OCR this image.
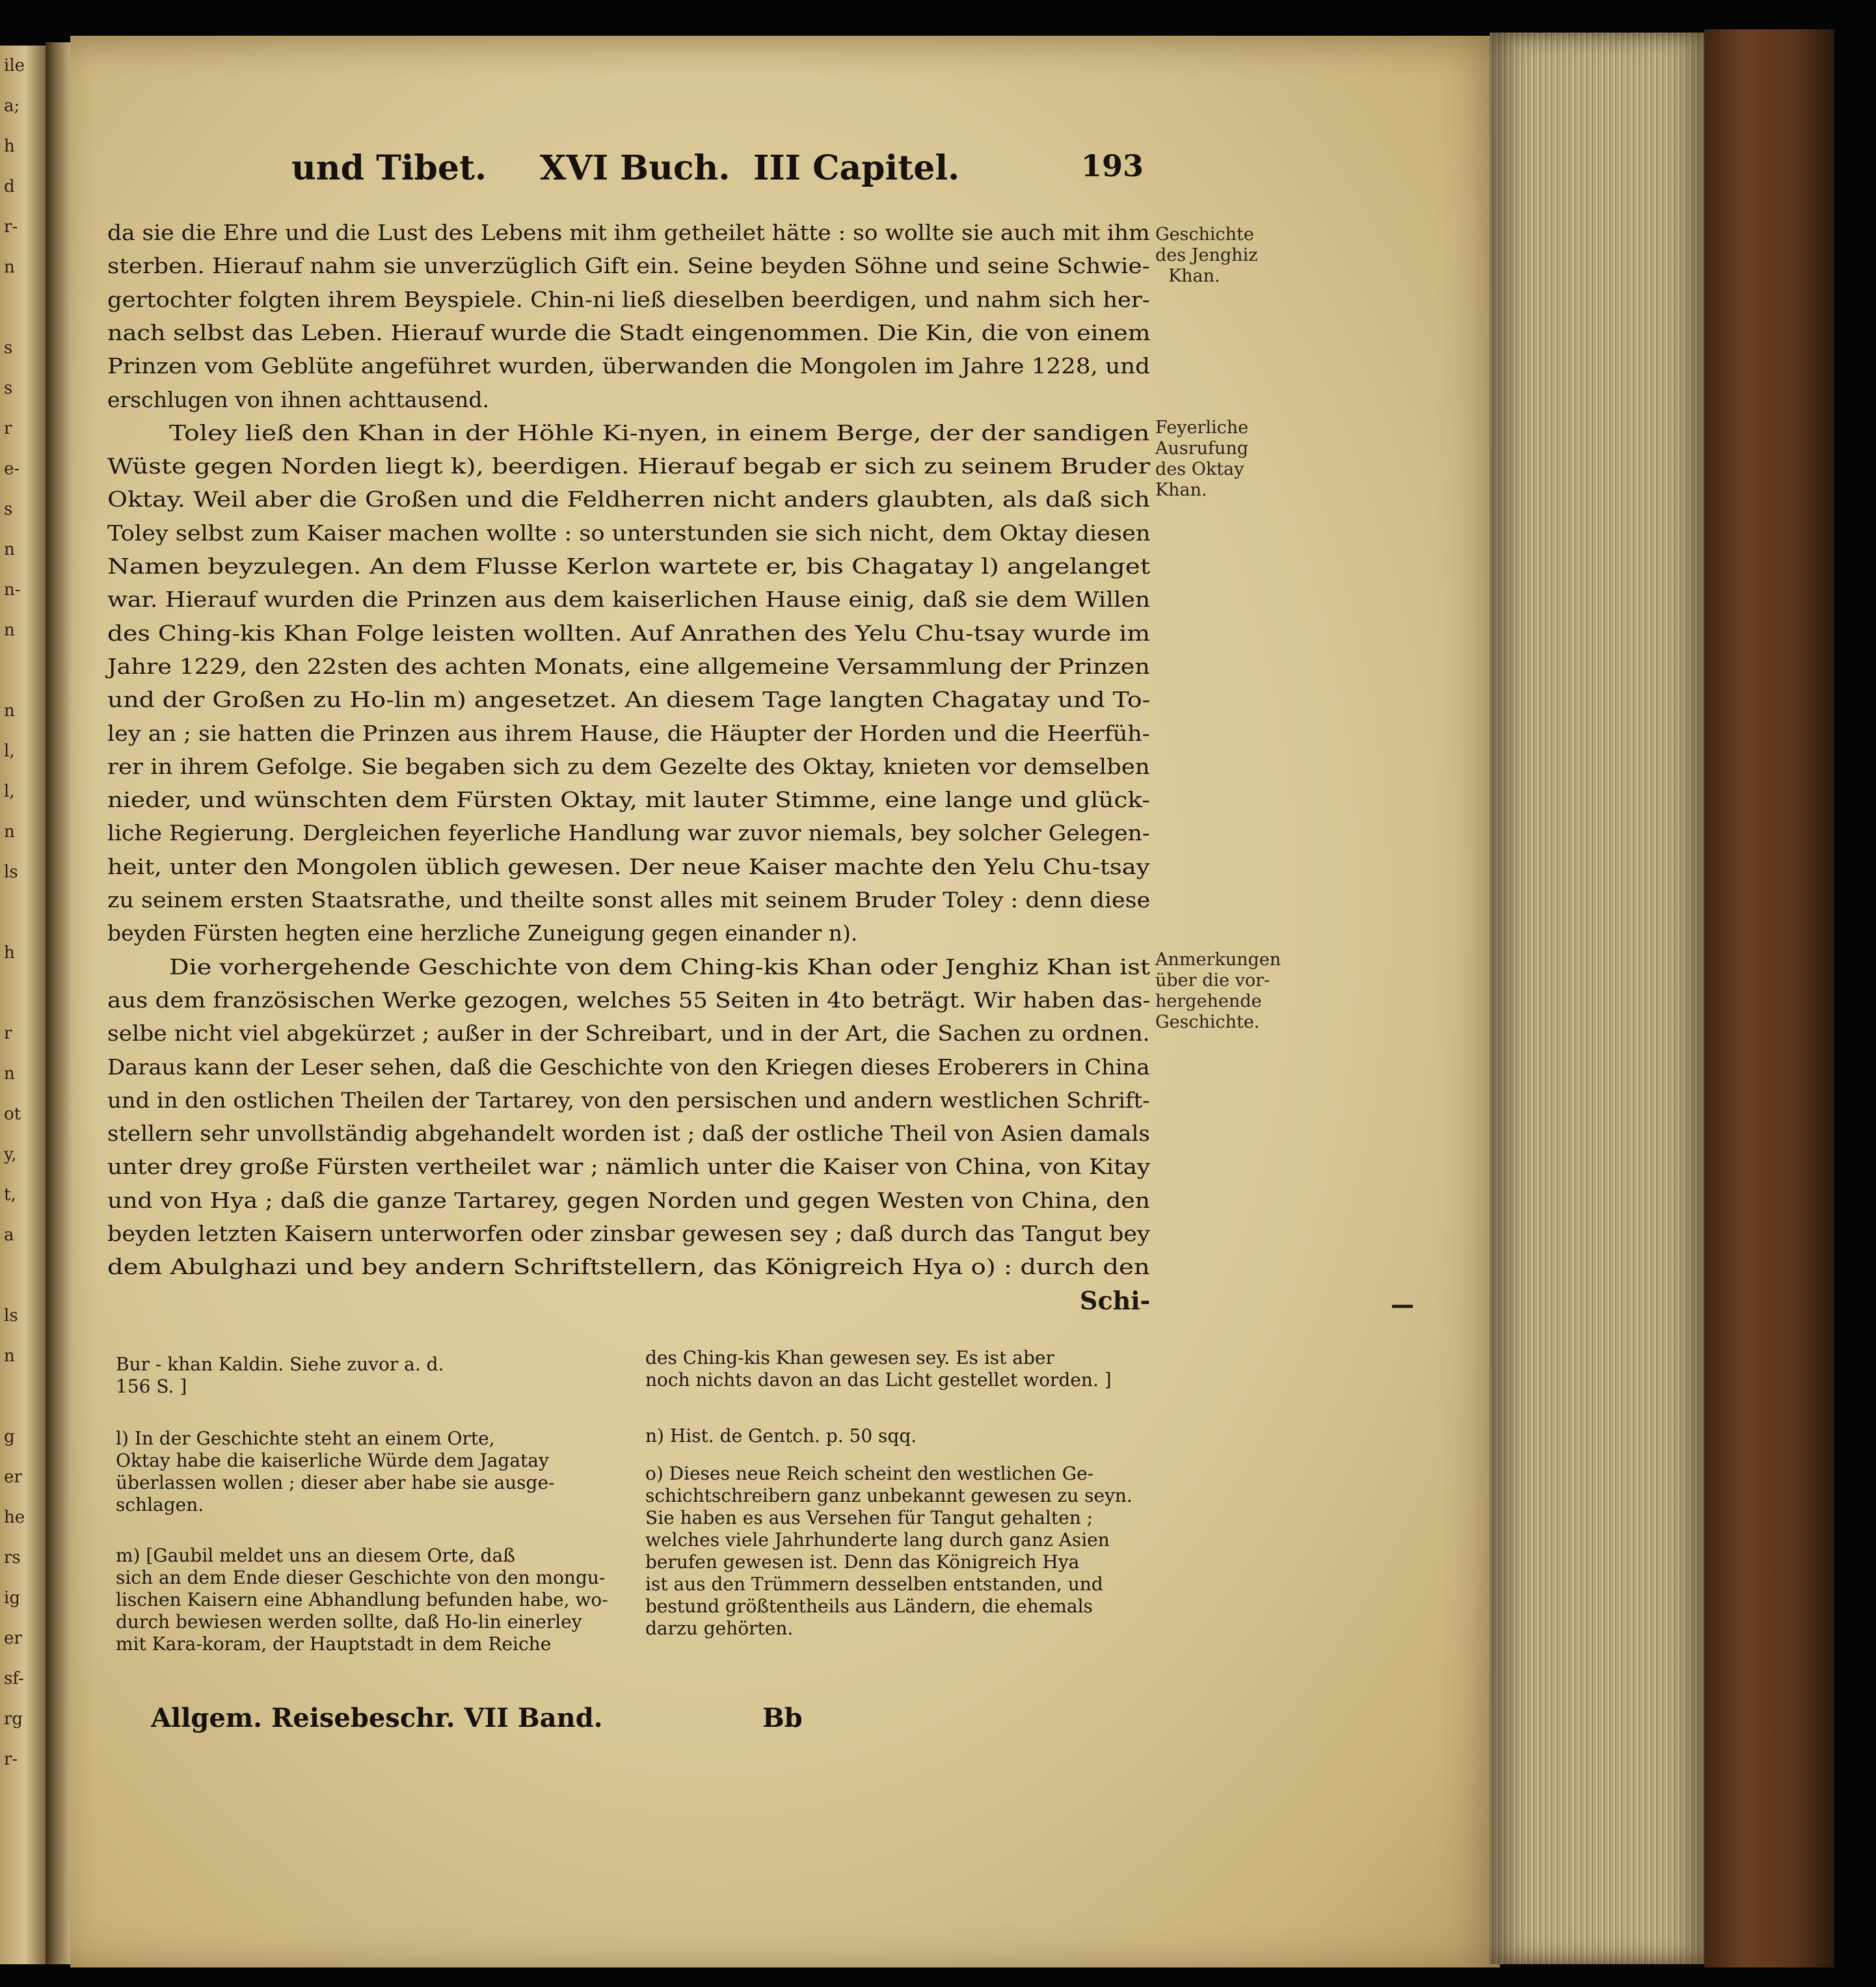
ile
a;
h
d
r-
n
s
s
r
e-
s
n
n-
n
n
l,
l,
n
ls
h
r
n
ot
y,
t,
a
ls
n
g
er
he
rs
ig
er
sf-
rg
r-
und Tibet. XVI Buch. III Capitel.	193
da sie die Ehre und die Lust des Lebens mit ihm getheilet hätte : so wollte sie auch mit ihm
sterben. Hierauf nahm sie unverzüglich Gift ein. Seine beyden Söhne und seine Schwie-
gertochter folgten ihrem Beyspiele. Chin-ni ließ dieselben beerdigen, und nahm sich her-
nach selbst das Leben. Hierauf wurde die Stadt eingenommen. Die Kin, die von einem
Prinzen vom Geblüte angeführet wurden, überwanden die Mongolen im Jahre 1228, und
erschlugen von ihnen achttausend.
Toley ließ den Khan in der Höhle Ki-nyen, in einem Berge, der der sandigen
Wüste gegen Norden liegt k), beerdigen. Hierauf begab er sich zu seinem Bruder
Oktay. Weil aber die Großen und die Feldherren nicht anders glaubten, als daß sich
Toley selbst zum Kaiser machen wollte : so unterstunden sie sich nicht, dem Oktay diesen
Namen beyzulegen. An dem Flusse Kerlon wartete er, bis Chagatay l) angelanget
war. Hierauf wurden die Prinzen aus dem kaiserlichen Hause einig, daß sie dem Willen
des Ching-kis Khan Folge leisten wollten. Auf Anrathen des Yelu Chu-tsay wurde im
Jahre 1229, den 22sten des achten Monats, eine allgemeine Versammlung der Prinzen
und der Großen zu Ho-lin m) angesetzet. An diesem Tage langten Chagatay und To-
ley an ; sie hatten die Prinzen aus ihrem Hause, die Häupter der Horden und die Heerfüh-
rer in ihrem Gefolge. Sie begaben sich zu dem Gezelte des Oktay, knieten vor demselben
nieder, und wünschten dem Fürsten Oktay, mit lauter Stimme, eine lange und glück-
liche Regierung. Dergleichen feyerliche Handlung war zuvor niemals, bey solcher Gelegen-
heit, unter den Mongolen üblich gewesen. Der neue Kaiser machte den Yelu Chu-tsay
zu seinem ersten Staatsrathe, und theilte sonst alles mit seinem Bruder Toley : denn diese
beyden Fürsten hegten eine herzliche Zuneigung gegen einander n).
Die vorhergehende Geschichte von dem Ching-kis Khan oder Jenghiz Khan ist
aus dem französischen Werke gezogen, welches 55 Seiten in 4to beträgt. Wir haben das-
selbe nicht viel abgekürzet ; außer in der Schreibart, und in der Art, die Sachen zu ordnen.
Daraus kann der Leser sehen, daß die Geschichte von den Kriegen dieses Eroberers in China
und in den ostlichen Theilen der Tartarey, von den persischen und andern westlichen Schrift-
stellern sehr unvollständig abgehandelt worden ist ; daß der ostliche Theil von Asien damals
unter drey große Fürsten vertheilet war ; nämlich unter die Kaiser von China, von Kitay
und von Hya ; daß die ganze Tartarey, gegen Norden und gegen Westen von China, den
beyden letzten Kaisern unterworfen oder zinsbar gewesen sey ; daß durch das Tangut bey
dem Abulghazi und bey andern Schriftstellern, das Königreich Hya o) : durch den
Schi-
Geschichte
des Jenghiz
Khan.
Feyerliche
Ausrufung
des Oktay
Khan.
Anmerkungen
über die vor-
hergehende
Geschichte.
Bur - khan Kaldin. Siehe zuvor a. d.
156 S. ]
l) In der Geschichte steht an einem Orte,
Oktay habe die kaiserliche Würde dem Jagatay
überlassen wollen ; dieser aber habe sie ausge-
schlagen.
m) [Gaubil meldet uns an diesem Orte, daß
sich an dem Ende dieser Geschichte von den mongu-
lischen Kaisern eine Abhandlung befunden habe, wo-
durch bewiesen werden sollte, daß Ho-lin einerley
mit Kara-koram, der Hauptstadt in dem Reiche
des Ching-kis Khan gewesen sey. Es ist aber
noch nichts davon an das Licht gestellet worden. ]
n) Hist. de Gentch. p. 50 sqq.
o) Dieses neue Reich scheint den westlichen Ge-
schichtschreibern ganz unbekannt gewesen zu seyn.
Sie haben es aus Versehen für Tangut gehalten ;
welches viele Jahrhunderte lang durch ganz Asien
berufen gewesen ist. Denn das Königreich Hya
ist aus den Trümmern desselben entstanden, und
bestund größtentheils aus Ländern, die ehemals
darzu gehörten.
Allgem. Reisebeschr. VII Band.	Bb
